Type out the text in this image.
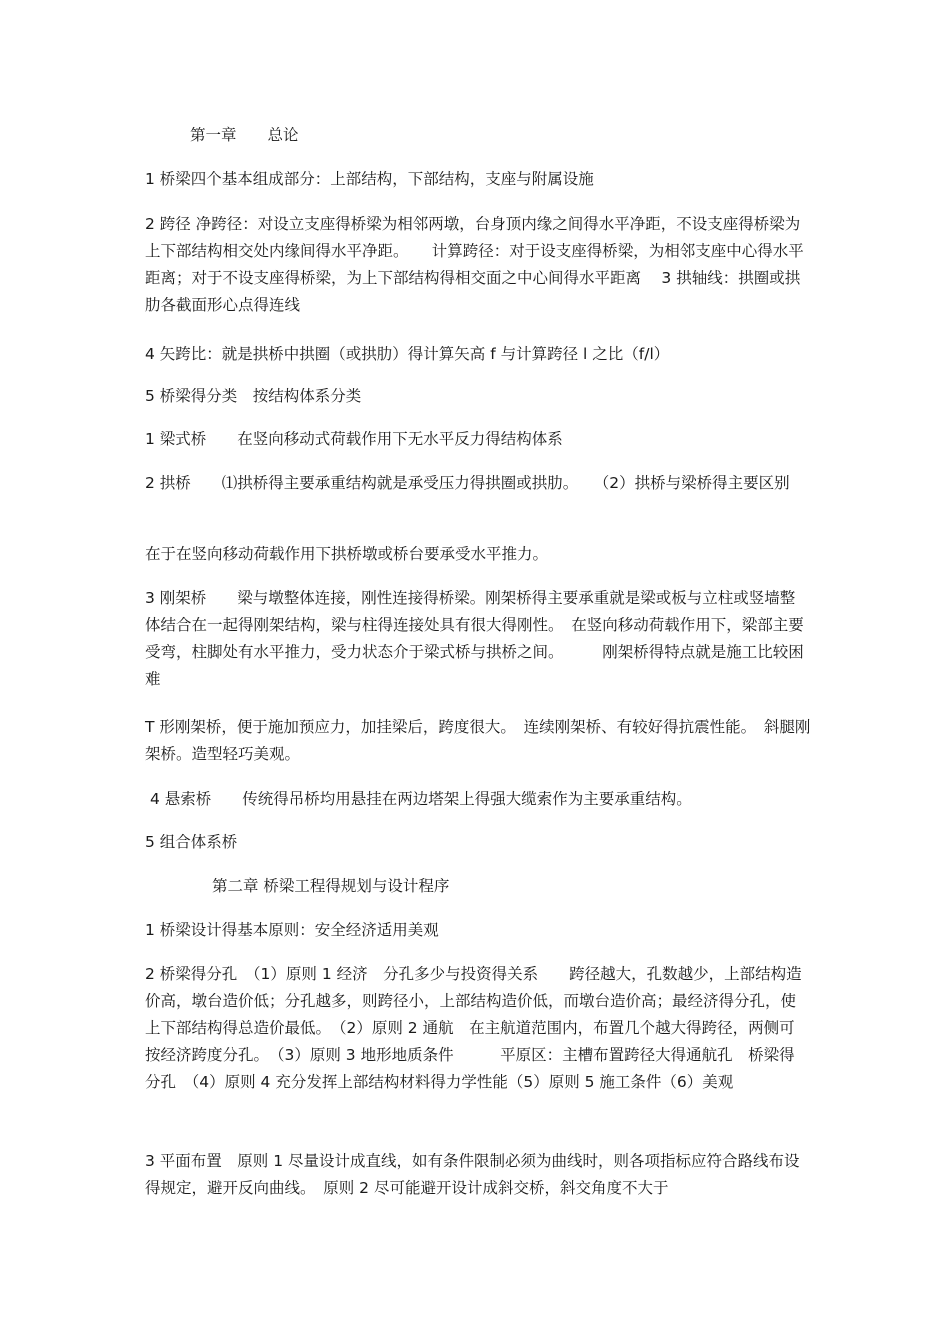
第一章　　总论

1 桥梁四个基本组成部分：上部结构，下部结构，支座与附属设施

2 跨径 净跨径：对设立支座得桥梁为相邻两墩，台身顶内缘之间得水平净距，不设支座得桥梁为上下部结构相交处内缘间得水平净距。　　计算跨径：对于设支座得桥梁，为相邻支座中心得水平距离；对于不设支座得桥梁，为上下部结构得相交面之中心间得水平距离　 3 拱轴线：拱圈或拱肋各截面形心点得连线

4 矢跨比：就是拱桥中拱圈（或拱肋）得计算矢高 f 与计算跨径 l 之比（f/l）

5 桥梁得分类　按结构体系分类

1 梁式桥　　在竖向移动式荷载作用下无水平反力得结构体系

2 拱桥　　⑴拱桥得主要承重结构就是承受压力得拱圈或拱肋。　　（2）拱桥与梁桥得主要区别

在于在竖向移动荷载作用下拱桥墩或桥台要承受水平推力。

3 刚架桥　　梁与墩整体连接，刚性连接得桥梁。刚架桥得主要承重就是梁或板与立柱或竖墙整体结合在一起得刚架结构，梁与柱得连接处具有很大得刚性。　在竖向移动荷载作用下，梁部主要受弯，柱脚处有水平推力，受力状态介于梁式桥与拱桥之间。　　　刚架桥得特点就是施工比较困难

T 形刚架桥，便于施加预应力，加挂梁后，跨度很大。　连续刚架桥、有较好得抗震性能。　斜腿刚架桥。造型轻巧美观。

4 悬索桥　　传统得吊桥均用悬挂在两边塔架上得强大缆索作为主要承重结构。

5 组合体系桥

第二章 桥梁工程得规划与设计程序

1 桥梁设计得基本原则：安全经济适用美观

2 桥梁得分孔　（1）原则 1 经济　分孔多少与投资得关系　　跨径越大，孔数越少，上部结构造价高，墩台造价低；分孔越多，则跨径小，上部结构造价低，而墩台造价高；最经济得分孔，使上下部结构得总造价最低。　（2）原则 2 通航　在主航道范围内，布置几个越大得跨径，两侧可按经济跨度分孔。　（3）原则 3 地形地质条件　　　平原区：主槽布置跨径大得通航孔　桥梁得分孔　（4）原则 4 充分发挥上部结构材料得力学性能（5）原则 5 施工条件（6）美观

3 平面布置　原则 1 尽量设计成直线，如有条件限制必须为曲线时，则各项指标应符合路线布设得规定，避开反向曲线。　原则 2 尽可能避开设计成斜交桥，斜交角度不大于
